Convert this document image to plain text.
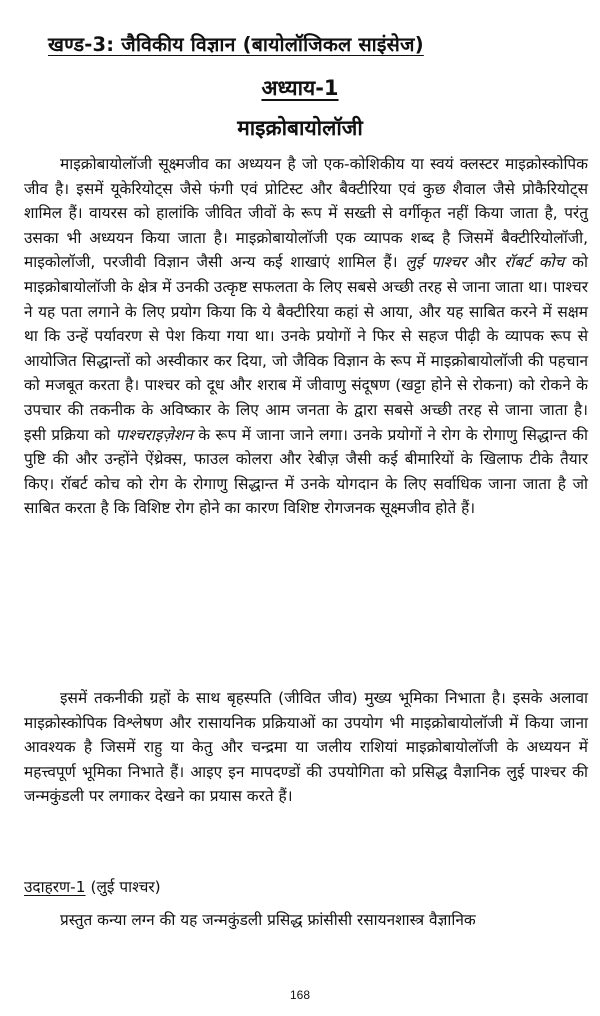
खण्ड-3: जैविकीय विज्ञान (बायोलॉजिकल साइंसेज)
अध्याय-1
माइक्रोबायोलॉजी

माइक्रोबायोलॉजी सूक्ष्मजीव का अध्ययन है जो एक-कोशिकीय या स्वयं क्लस्टर माइक्रोस्कोपिक जीव है। इसमें यूकेरियोट्स जैसे फंगी एवं प्रोटिस्ट और बैक्टीरिया एवं कुछ शैवाल जैसे प्रोकैरियोट्स शामिल हैं। वायरस को हालांकि जीवित जीवों के रूप में सख्ती से वर्गीकृत नहीं किया जाता है, परंतु उसका भी अध्ययन किया जाता है। माइक्रोबायोलॉजी एक व्यापक शब्द है जिसमें बैक्टीरियोलॉजी, माइकोलॉजी, परजीवी विज्ञान जैसी अन्य कई शाखाएं शामिल हैं। लुई पाश्चर और रॉबर्ट कोच को माइक्रोबायोलॉजी के क्षेत्र में उनकी उत्कृष्ट सफलता के लिए सबसे अच्छी तरह से जाना जाता था। पाश्चर ने यह पता लगाने के लिए प्रयोग किया कि ये बैक्टीरिया कहां से आया, और यह साबित करने में सक्षम था कि उन्हें पर्यावरण से पेश किया गया था। उनके प्रयोगों ने फिर से सहज पीढ़ी के व्यापक रूप से आयोजित सिद्धान्तों को अस्वीकार कर दिया, जो जैविक विज्ञान के रूप में माइक्रोबायोलॉजी की पहचान को मजबूत करता है। पाश्चर को दूध और शराब में जीवाणु संदूषण (खट्टा होने से रोकना) को रोकने के उपचार की तकनीक के अविष्कार के लिए आम जनता के द्वारा सबसे अच्छी तरह से जाना जाता है। इसी प्रक्रिया को पाश्चराइज़ेशन के रूप में जाना जाने लगा। उनके प्रयोगों ने रोग के रोगाणु सिद्धान्त की पुष्टि की और उन्होंने ऐंथ्रेक्स, फाउल कोलरा और रेबीज़ जैसी कई बीमारियों के खिलाफ टीके तैयार किए। रॉबर्ट कोच को रोग के रोगाणु सिद्धान्त में उनके योगदान के लिए सर्वाधिक जाना जाता है जो साबित करता है कि विशिष्ट रोग होने का कारण विशिष्ट रोगजनक सूक्ष्मजीव होते हैं।

इसमें तकनीकी ग्रहों के साथ बृहस्पति (जीवित जीव) मुख्य भूमिका निभाता है। इसके अलावा माइक्रोस्कोपिक विश्लेषण और रासायनिक प्रक्रियाओं का उपयोग भी माइक्रोबायोलॉजी में किया जाना आवश्यक है जिसमें राहु या केतु और चन्द्रमा या जलीय राशियां माइक्रोबायोलॉजी के अध्ययन में महत्त्वपूर्ण भूमिका निभाते हैं। आइए इन मापदण्डों की उपयोगिता को प्रसिद्ध वैज्ञानिक लुई पाश्चर की जन्मकुंडली पर लगाकर देखने का प्रयास करते हैं।

उदाहरण-1 (लुई पाश्चर)

प्रस्तुत कन्या लग्न की यह जन्मकुंडली प्रसिद्ध फ्रांसीसी रसायनशास्त्र वैज्ञानिक

168
